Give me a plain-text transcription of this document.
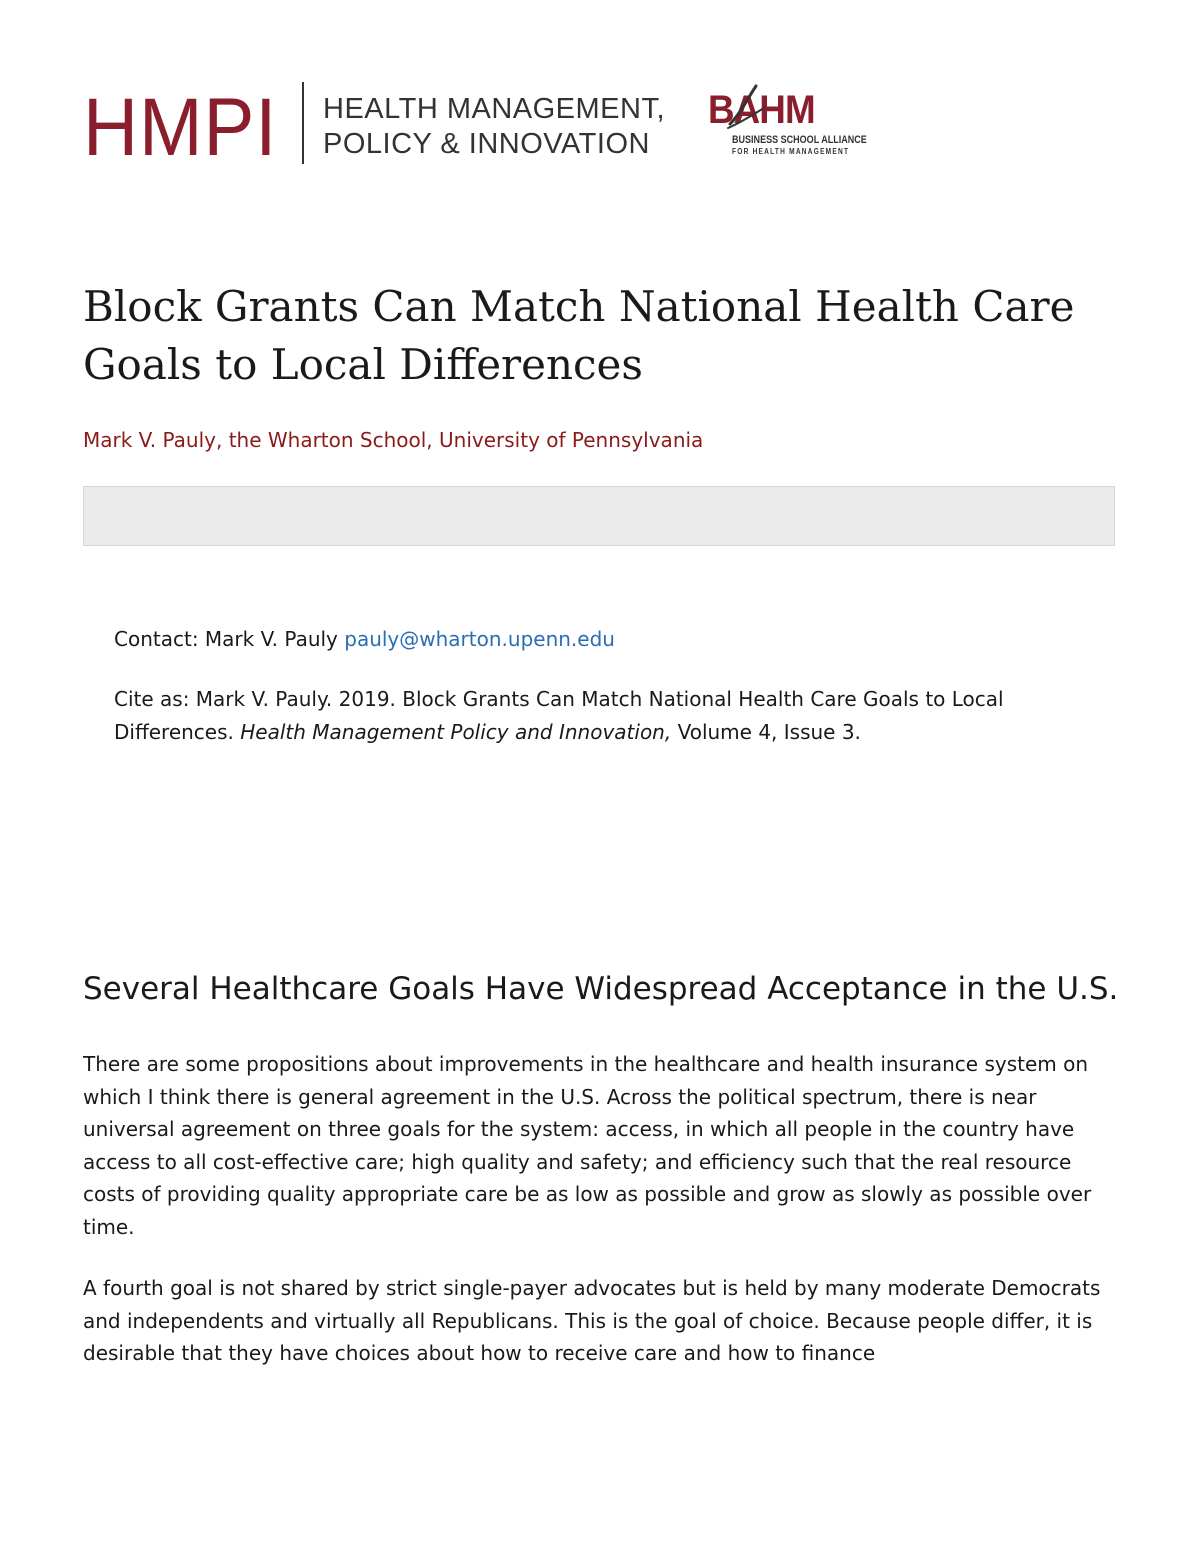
HMPI HEALTH MANAGEMENT,
POLICY & INNOVATION
BAHM
BUSINESS SCHOOL ALLIANCE
FOR HEALTH MANAGEMENT
Block Grants Can Match National Health Care Goals to Local Differences
Mark V. Pauly, the Wharton School, University of Pennsylvania
Contact: Mark V. Pauly pauly@wharton.upenn.edu
Cite as: Mark V. Pauly. 2019. Block Grants Can Match National Health Care Goals to Local Differences. Health Management Policy and Innovation, Volume 4, Issue 3.
Several Healthcare Goals Have Widespread Acceptance in the U.S.

There are some propositions about improvements in the healthcare and health insurance system on which I think there is general agreement in the U.S. Across the political spectrum, there is near universal agreement on three goals for the system: access, in which all people in the country have access to all cost-effective care; high quality and safety; and efficiency such that the real resource costs of providing quality appropriate care be as low as possible and grow as slowly as possible over time.

A fourth goal is not shared by strict single-payer advocates but is held by many moderate Democrats and independents and virtually all Republicans. This is the goal of choice. Because people differ, it is desirable that they have choices about how to receive care and how to finance
